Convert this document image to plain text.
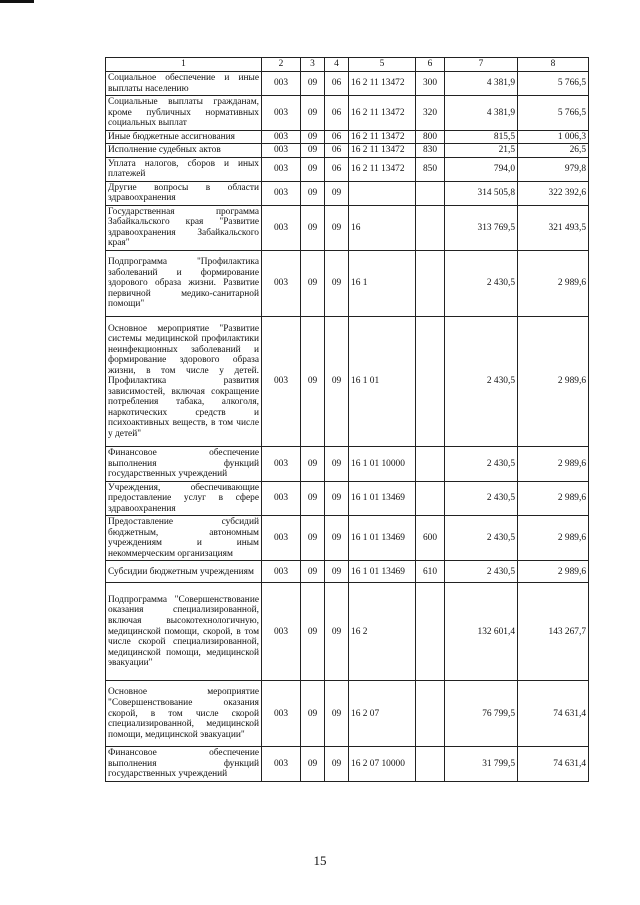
1	2	3	4	5	6	7	8
Социальное обеспечение и иные выплаты населению	003	09	06	16 2 11 13472	300	4 381,9	5 766,5
Социальные выплаты гражданам, кроме публичных нормативных социальных выплат	003	09	06	16 2 11 13472	320	4 381,9	5 766,5
Иные бюджетные ассигнования	003	09	06	16 2 11 13472	800	815,5	1 006,3
Исполнение судебных актов	003	09	06	16 2 11 13472	830	21,5	26,5
Уплата налогов, сборов и иных платежей	003	09	06	16 2 11 13472	850	794,0	979,8
Другие вопросы в области здравоохранения	003	09	09			314 505,8	322 392,6
Государственная программа Забайкальского края "Развитие здравоохранения Забайкальского края"	003	09	09	16		313 769,5	321 493,5
Подпрограмма "Профилактика заболеваний и формирование здорового образа жизни. Развитие первичной медико-санитарной помощи"	003	09	09	16 1		2 430,5	2 989,6
Основное мероприятие "Развитие системы медицинской профилактики неинфекционных заболеваний и формирование здорового образа жизни, в том числе у детей. Профилактика развития зависимостей, включая сокращение потребления табака, алкоголя, наркотических средств и психоактивных веществ, в том числе у детей"	003	09	09	16 1 01		2 430,5	2 989,6
Финансовое обеспечение выполнения функций государственных учреждений	003	09	09	16 1 01 10000		2 430,5	2 989,6
Учреждения, обеспечивающие предоставление услуг в сфере здравоохранения	003	09	09	16 1 01 13469		2 430,5	2 989,6
Предоставление субсидий бюджетным, автономным учреждениям и иным некоммерческим организациям	003	09	09	16 1 01 13469	600	2 430,5	2 989,6
Субсидии бюджетным учреждениям	003	09	09	16 1 01 13469	610	2 430,5	2 989,6
Подпрограмма "Совершенствование оказания специализированной, включая высокотехнологичную, медицинской помощи, скорой, в том числе скорой специализированной, медицинской помощи, медицинской эвакуации"	003	09	09	16 2		132 601,4	143 267,7
Основное мероприятие "Совершенствование оказания скорой, в том числе скорой специализированной, медицинской помощи, медицинской эвакуации"	003	09	09	16 2 07		76 799,5	74 631,4
Финансовое обеспечение выполнения функций государственных учреждений	003	09	09	16 2 07 10000		31 799,5	74 631,4
15
